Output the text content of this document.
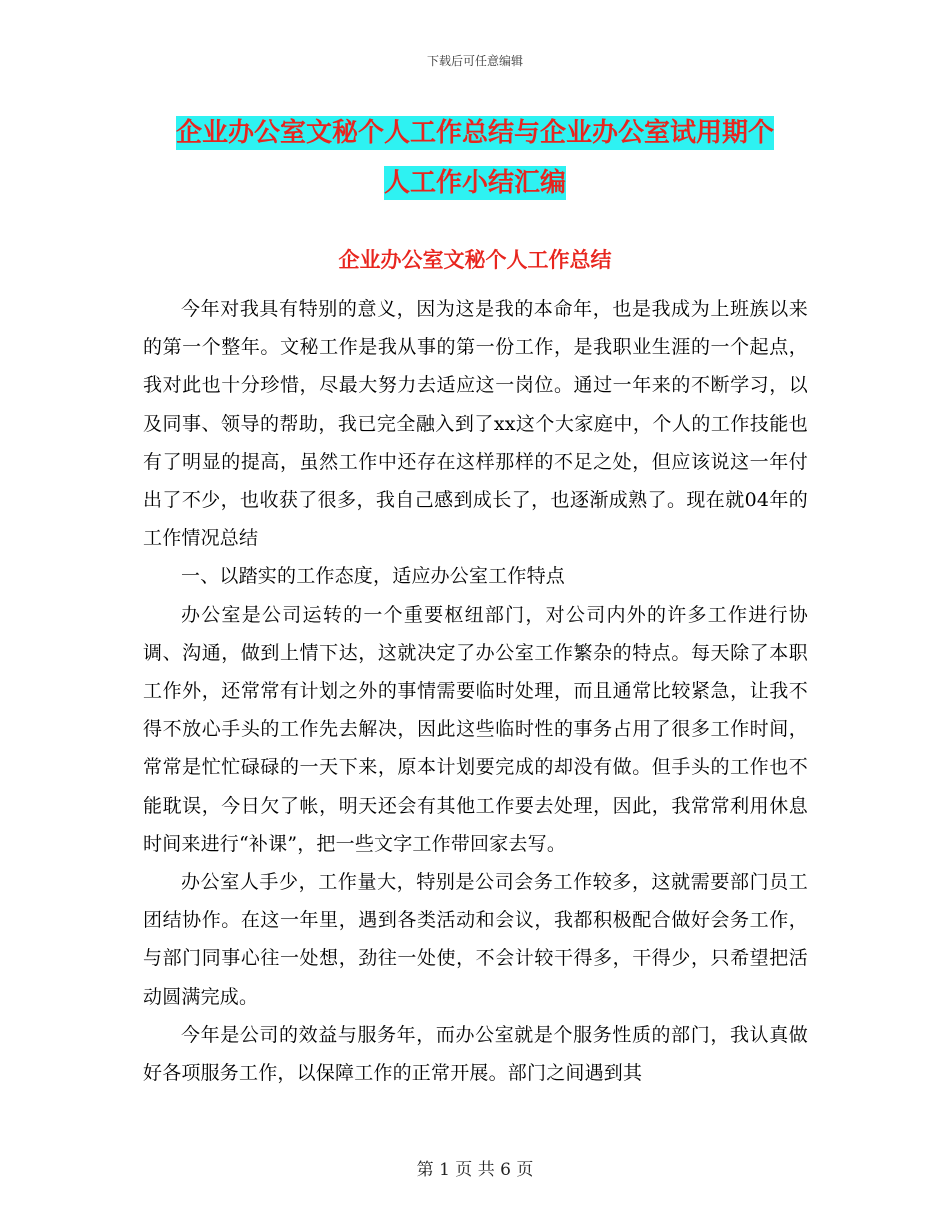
下载后可任意编辑
企业办公室文秘个人工作总结与企业办公室试用期个
人工作小结汇编
企业办公室文秘个人工作总结

今年对我具有特别的意义，因为这是我的本命年，也是我成为上班族以来的第一个整年。文秘工作是我从事的第一份工作，是我职业生涯的一个起点，我对此也十分珍惜，尽最大努力去适应这一岗位。通过一年来的不断学习，以及同事、领导的帮助，我已完全融入到了xx这个大家庭中，个人的工作技能也有了明显的提高，虽然工作中还存在这样那样的不足之处，但应该说这一年付出了不少，也收获了很多，我自己感到成长了，也逐渐成熟了。现在就04年的工作情况总结

一、以踏实的工作态度，适应办公室工作特点

办公室是公司运转的一个重要枢纽部门，对公司内外的许多工作进行协调、沟通，做到上情下达，这就决定了办公室工作繁杂的特点。每天除了本职工作外，还常常有计划之外的事情需要临时处理，而且通常比较紧急，让我不得不放心手头的工作先去解决，因此这些临时性的事务占用了很多工作时间，常常是忙忙碌碌的一天下来，原本计划要完成的却没有做。但手头的工作也不能耽误，今日欠了帐，明天还会有其他工作要去处理，因此，我常常利用休息时间来进行“补课”，把一些文字工作带回家去写。

办公室人手少，工作量大，特别是公司会务工作较多，这就需要部门员工团结协作。在这一年里，遇到各类活动和会议，我都积极配合做好会务工作，与部门同事心往一处想，劲往一处使，不会计较干得多，干得少，只希望把活动圆满完成。

今年是公司的效益与服务年，而办公室就是个服务性质的部门，我认真做好各项服务工作，以保障工作的正常开展。部门之间遇到其

第 1 页 共 6 页
